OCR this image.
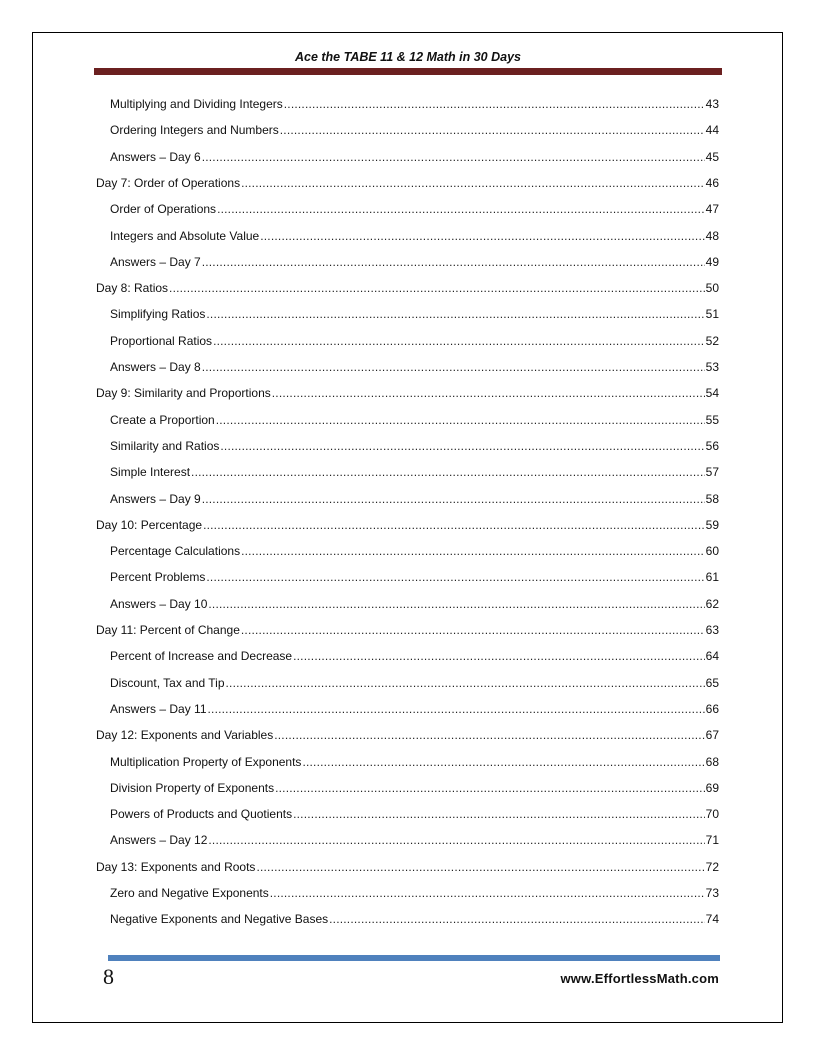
Ace the TABE 11 & 12 Math in 30 Days
Multiplying and Dividing Integers .....	43
Ordering Integers and Numbers .....	44
Answers – Day 6 .....	45
Day 7: Order of Operations .....	46
Order of Operations .....	47
Integers and Absolute Value .....	48
Answers – Day 7 .....	49
Day 8: Ratios .....	50
Simplifying Ratios .....	51
Proportional Ratios .....	52
Answers – Day 8 .....	53
Day 9: Similarity and Proportions .....	54
Create a Proportion .....	55
Similarity and Ratios .....	56
Simple Interest .....	57
Answers – Day 9 .....	58
Day 10: Percentage .....	59
Percentage Calculations .....	60
Percent Problems .....	61
Answers – Day 10 .....	62
Day 11: Percent of Change .....	63
Percent of Increase and Decrease .....	64
Discount, Tax and Tip .....	65
Answers – Day 11 .....	66
Day 12: Exponents and Variables .....	67
Multiplication Property of Exponents .....	68
Division Property of Exponents .....	69
Powers of Products and Quotients .....	70
Answers – Day 12 .....	71
Day 13: Exponents and Roots .....	72
Zero and Negative Exponents .....	73
Negative Exponents and Negative Bases .....	74
8	www.EffortlessMath.com
